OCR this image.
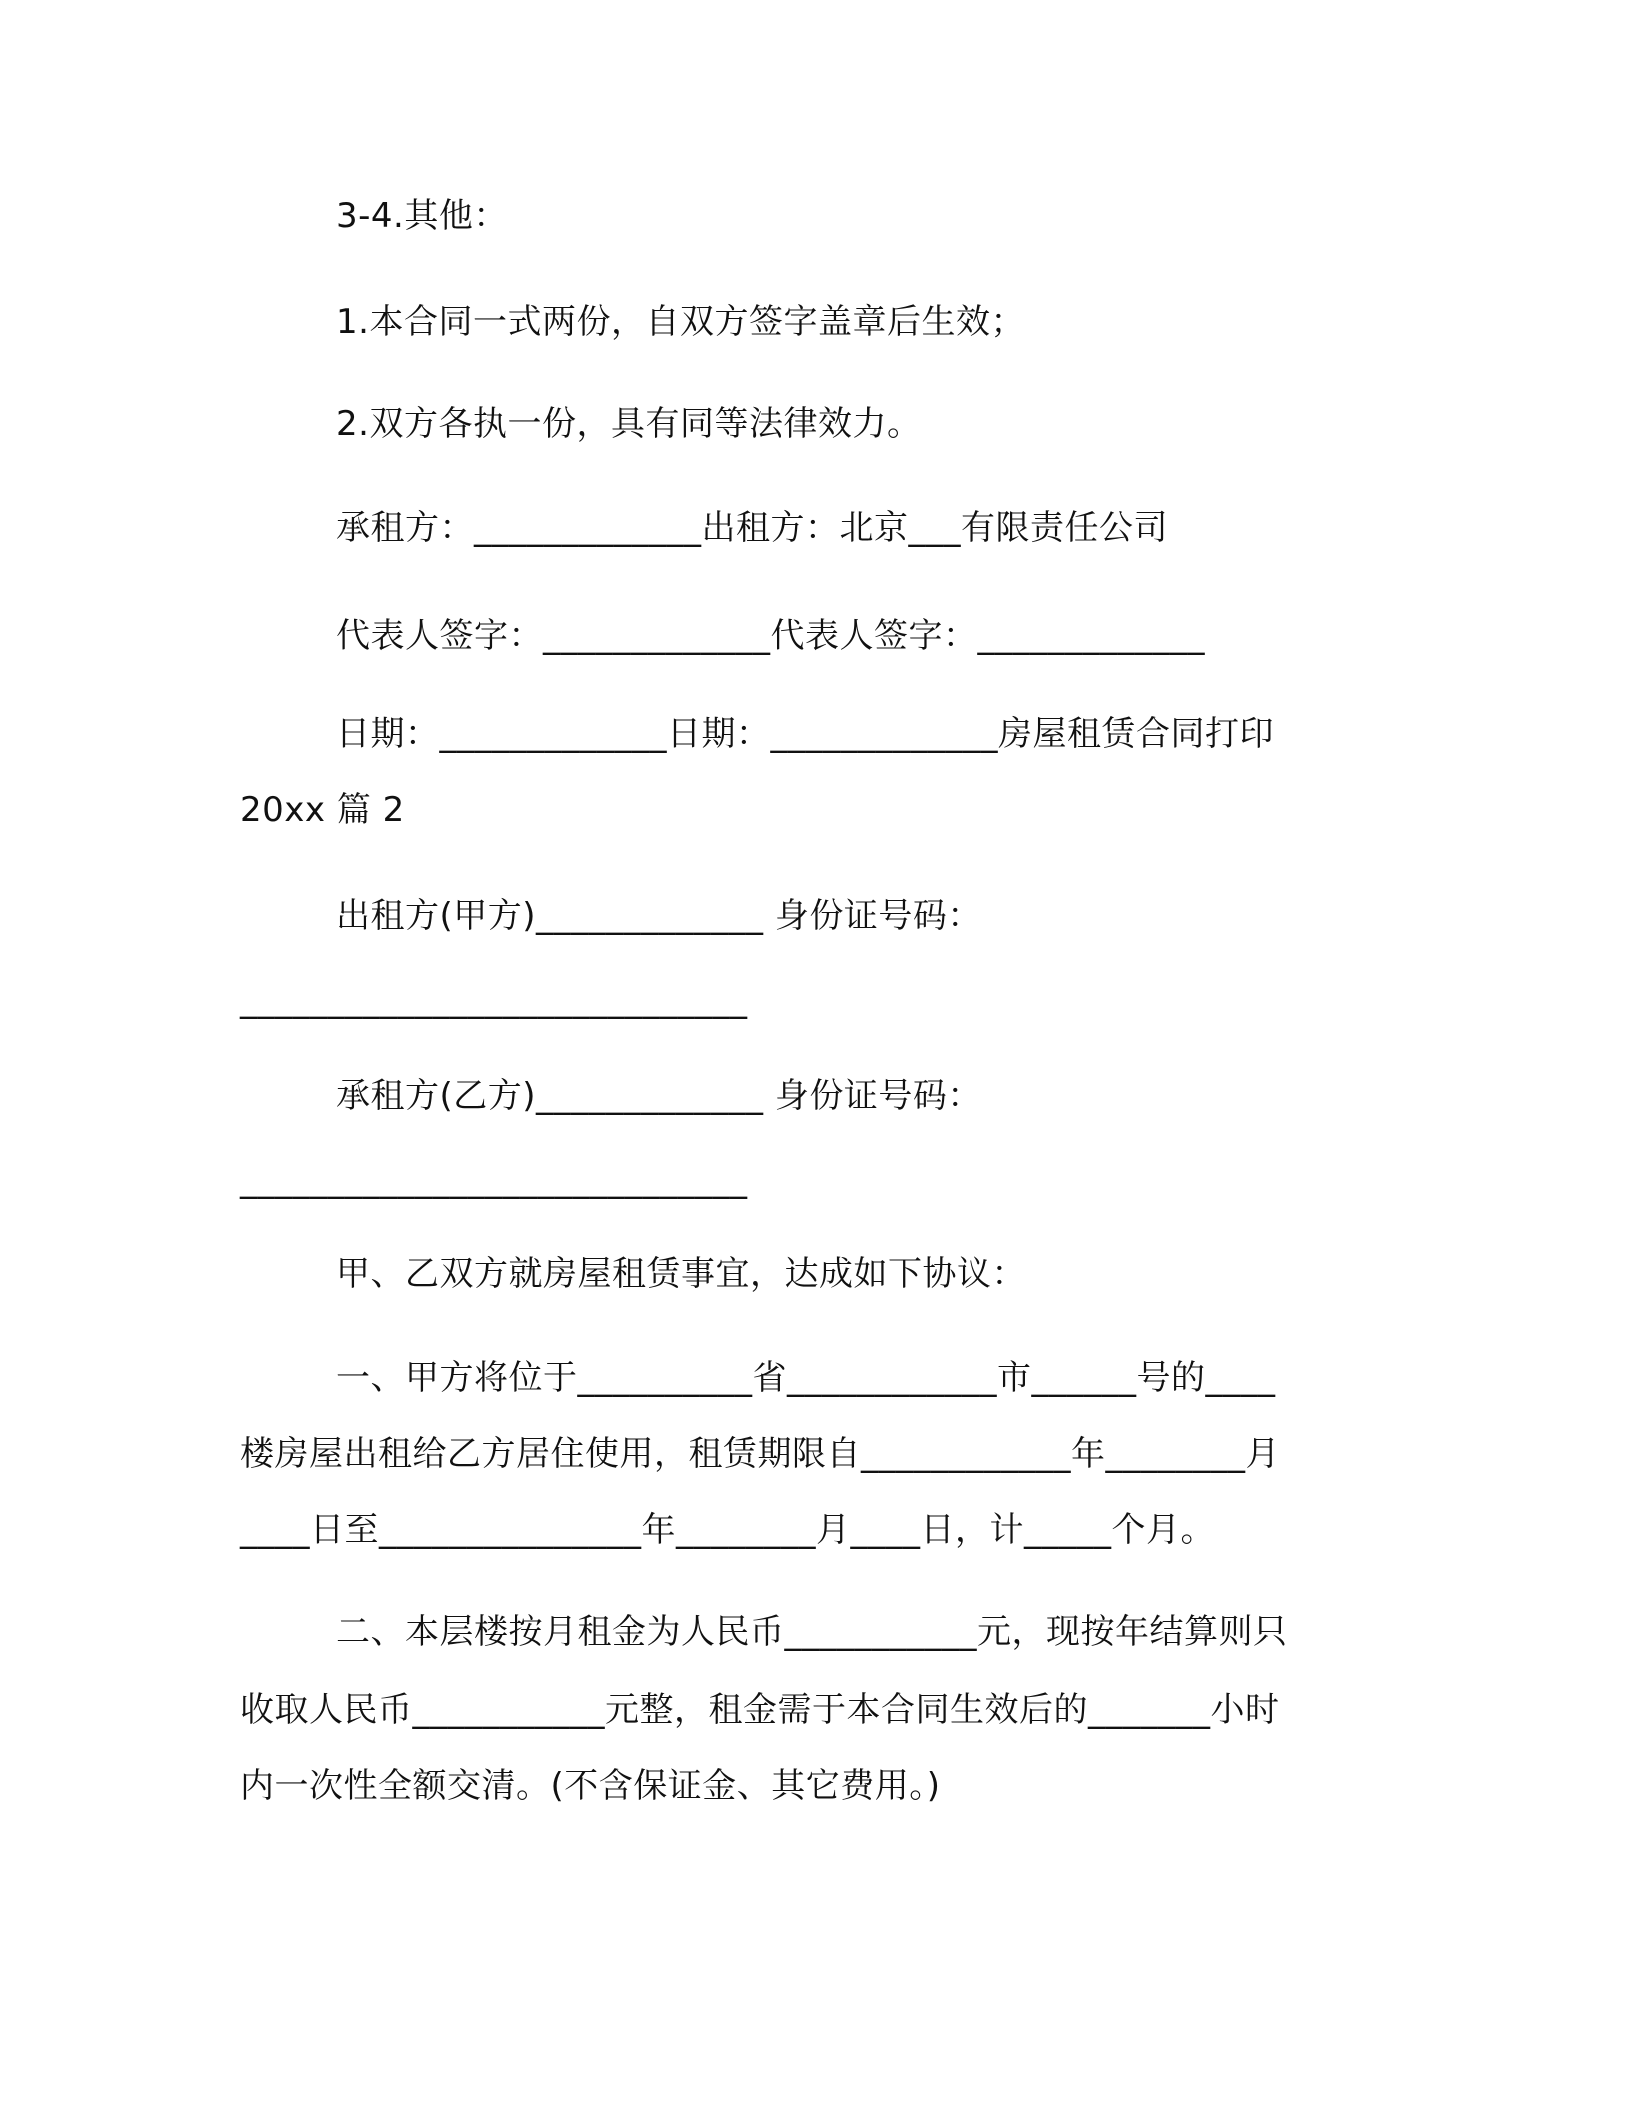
3-4.其他：
1.本合同一式两份，自双方签字盖章后生效；
2.双方各执一份，具有同等法律效力。
承租方：_____________出租方：北京___有限责任公司
代表人签字：_____________代表人签字：_____________
日期：_____________日期：_____________房屋租赁合同打印
20xx 篇 2
出租方(甲方)_____________ 身份证号码：
_____________________________
承租方(乙方)_____________ 身份证号码：
_____________________________
甲、乙双方就房屋租赁事宜，达成如下协议：
一、甲方将位于__________省____________市______号的____
楼房屋出租给乙方居住使用，租赁期限自____________年________月
____日至_______________年________月____日，计_____个月。
二、本层楼按月租金为人民币___________元，现按年结算则只
收取人民币___________元整，租金需于本合同生效后的_______小时
内一次性全额交清。(不含保证金、其它费用。)
